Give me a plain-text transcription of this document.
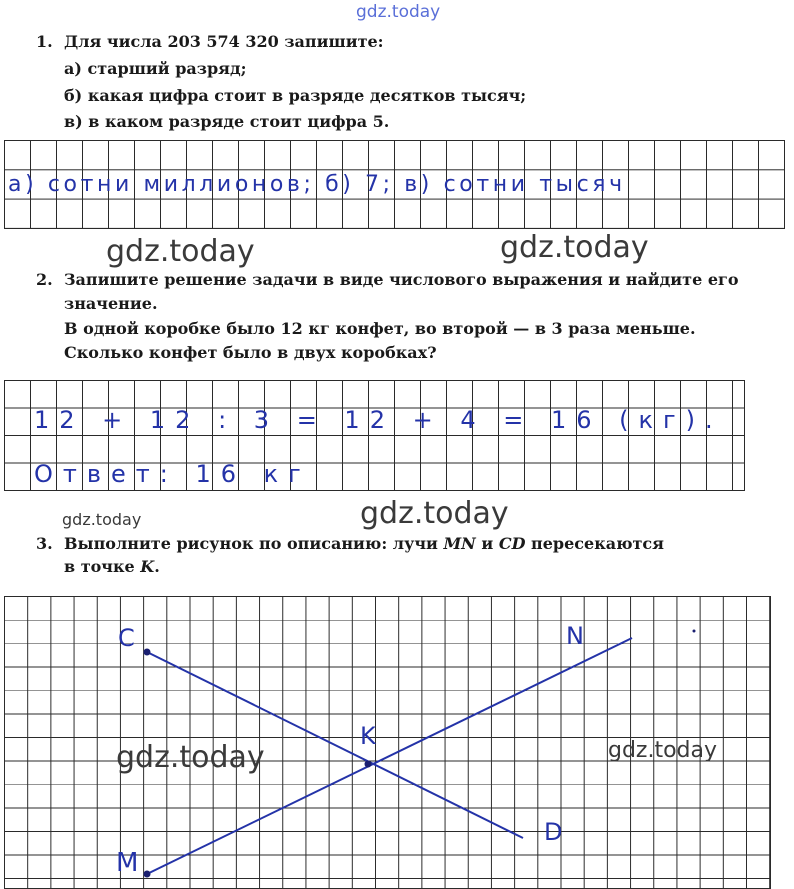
gdz.today
1. Для числа 203 574 320 запишите:
а) старший разряд;
б) какая цифра стоит в разряде десятков тысяч;
в) в каком разряде стоит цифра 5.
а) сотни миллионов; б) 7; в) сотни тысяч
gdz.today	gdz.today
2. Запишите решение задачи в виде числового выражения и найдите его
значение.
В одной коробке было 12 кг конфет, во второй — в 3 раза меньше.
Сколько конфет было в двух коробках?
12 + 12 : 3 = 12 + 4 = 16 (кг).
Ответ: 16 кг
gdz.today	gdz.today
3. Выполните рисунок по описанию: лучи MN и CD пересекаются
в точке K.
C	N
K
D
M
gdz.today	gdz.today
